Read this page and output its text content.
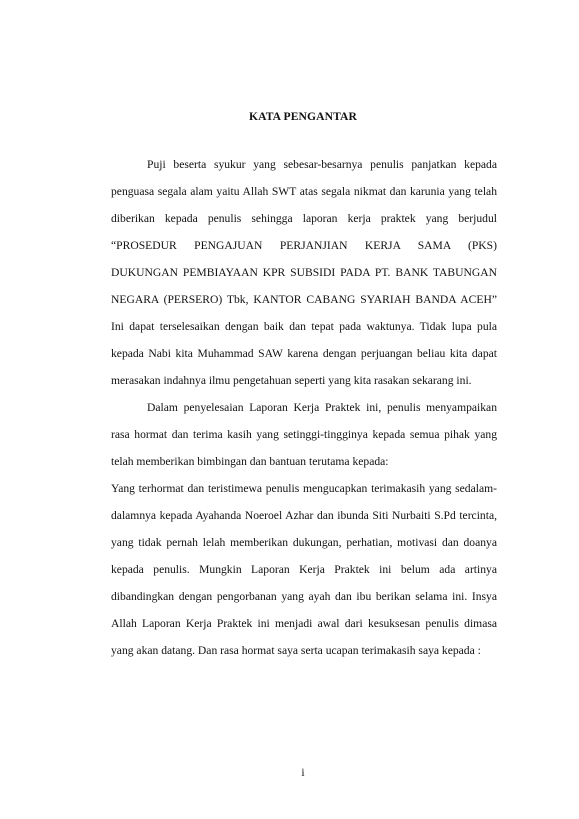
KATA PENGANTAR
Puji beserta syukur yang sebesar-besarnya penulis panjatkan kepada
penguasa segala alam yaitu Allah SWT atas segala nikmat dan karunia yang telah
diberikan kepada penulis sehingga laporan kerja praktek yang berjudul
“PROSEDUR PENGAJUAN PERJANJIAN KERJA SAMA (PKS)
DUKUNGAN PEMBIAYAAN KPR SUBSIDI PADA PT. BANK TABUNGAN
NEGARA (PERSERO) Tbk, KANTOR CABANG SYARIAH BANDA ACEH”
Ini dapat terselesaikan dengan baik dan tepat pada waktunya. Tidak lupa pula
kepada Nabi kita Muhammad SAW karena dengan perjuangan beliau kita dapat
merasakan indahnya ilmu pengetahuan seperti yang kita rasakan sekarang ini.
Dalam penyelesaian Laporan Kerja Praktek ini, penulis menyampaikan
rasa hormat dan terima kasih yang setinggi-tingginya kepada semua pihak yang
telah memberikan bimbingan dan bantuan terutama kepada:
Yang terhormat dan teristimewa penulis mengucapkan terimakasih yang sedalam-
dalamnya kepada Ayahanda Noeroel Azhar dan ibunda Siti Nurbaiti S.Pd tercinta,
yang tidak pernah lelah memberikan dukungan, perhatian, motivasi dan doanya
kepada penulis. Mungkin Laporan Kerja Praktek ini belum ada artinya
dibandingkan dengan pengorbanan yang ayah dan ibu berikan selama ini. Insya
Allah Laporan Kerja Praktek ini menjadi awal dari kesuksesan penulis dimasa
yang akan datang. Dan rasa hormat saya serta ucapan terimakasih saya kepada :
i
